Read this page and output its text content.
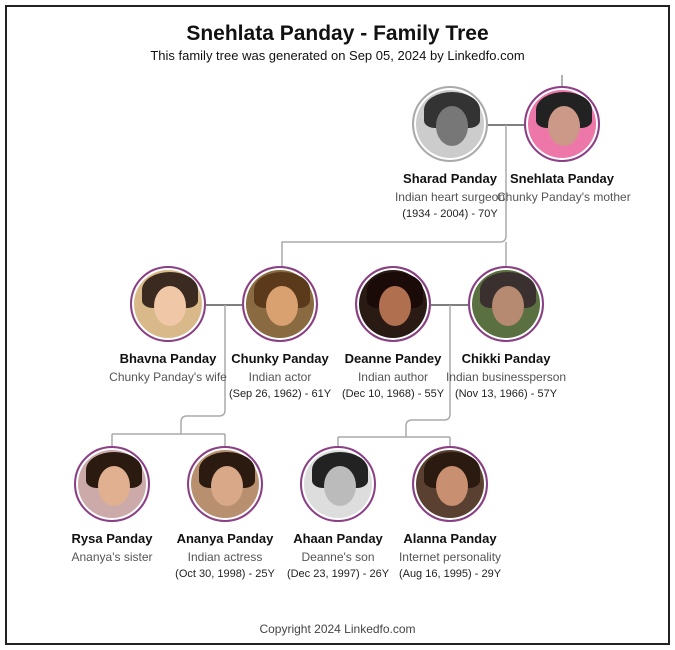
Snehlata Panday - Family Tree
This family tree was generated on Sep 05, 2024 by Linkedfo.com
Sharad Panday
Indian heart surgeon
(1934 - 2004) - 70Y
Snehlata Panday
Chunky Panday's mother
Bhavna Panday
Chunky Panday's wife
Chunky Panday
Indian actor
(Sep 26, 1962) - 61Y
Deanne Pandey
Indian author
(Dec 10, 1968) - 55Y
Chikki Panday
Indian businessperson
(Nov 13, 1966) - 57Y
Rysa Panday
Ananya's sister
Ananya Panday
Indian actress
(Oct 30, 1998) - 25Y
Ahaan Panday
Deanne's son
(Dec 23, 1997) - 26Y
Alanna Panday
Internet personality
(Aug 16, 1995) - 29Y
Copyright 2024 Linkedfo.com
